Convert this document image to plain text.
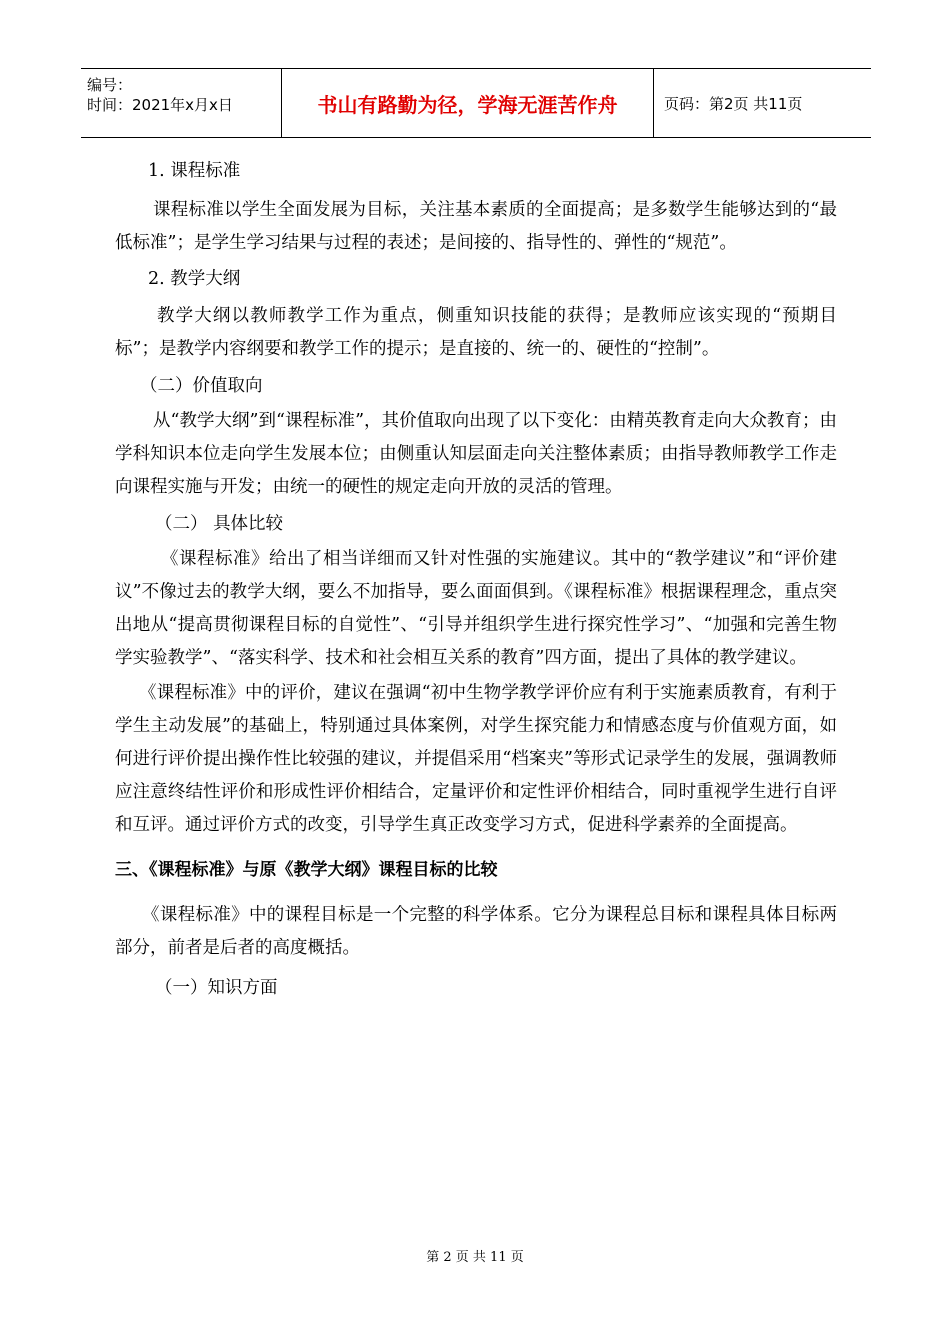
编号：
时间：2021年x月x日	书山有路勤为径，学海无涯苦作舟	页码：第2页 共11页

1. 课程标准

课程标准以学生全面发展为目标，关注基本素质的全面提高；是多数学生能够达到的“最低标准”；是学生学习结果与过程的表述；是间接的、指导性的、弹性的“规范”。

2. 教学大纲

教学大纲以教师教学工作为重点，侧重知识技能的获得；是教师应该实现的“预期目标”；是教学内容纲要和教学工作的提示；是直接的、统一的、硬性的“控制”。

（二）价值取向

从“教学大纲”到“课程标准”，其价值取向出现了以下变化：由精英教育走向大众教育；由学科知识本位走向学生发展本位；由侧重认知层面走向关注整体素质；由指导教师教学工作走向课程实施与开发；由统一的硬性的规定走向开放的灵活的管理。

（二） 具体比较

《课程标准》给出了相当详细而又针对性强的实施建议。其中的“教学建议”和“评价建议”不像过去的教学大纲，要么不加指导，要么面面俱到。《课程标准》根据课程理念，重点突出地从“提高贯彻课程目标的自觉性”、“引导并组织学生进行探究性学习”、“加强和完善生物学实验教学”、“落实科学、技术和社会相互关系的教育”四方面，提出了具体的教学建议。

《课程标准》中的评价，建议在强调“初中生物学教学评价应有利于实施素质教育，有利于学生主动发展”的基础上，特别通过具体案例，对学生探究能力和情感态度与价值观方面，如何进行评价提出操作性比较强的建议，并提倡采用“档案夹”等形式记录学生的发展，强调教师应注意终结性评价和形成性评价相结合，定量评价和定性评价相结合，同时重视学生进行自评和互评。通过评价方式的改变，引导学生真正改变学习方式，促进科学素养的全面提高。

三、《课程标准》与原《教学大纲》课程目标的比较

《课程标准》中的课程目标是一个完整的科学体系。它分为课程总目标和课程具体目标两部分，前者是后者的高度概括。

（一）知识方面

第 2 页 共 11 页
